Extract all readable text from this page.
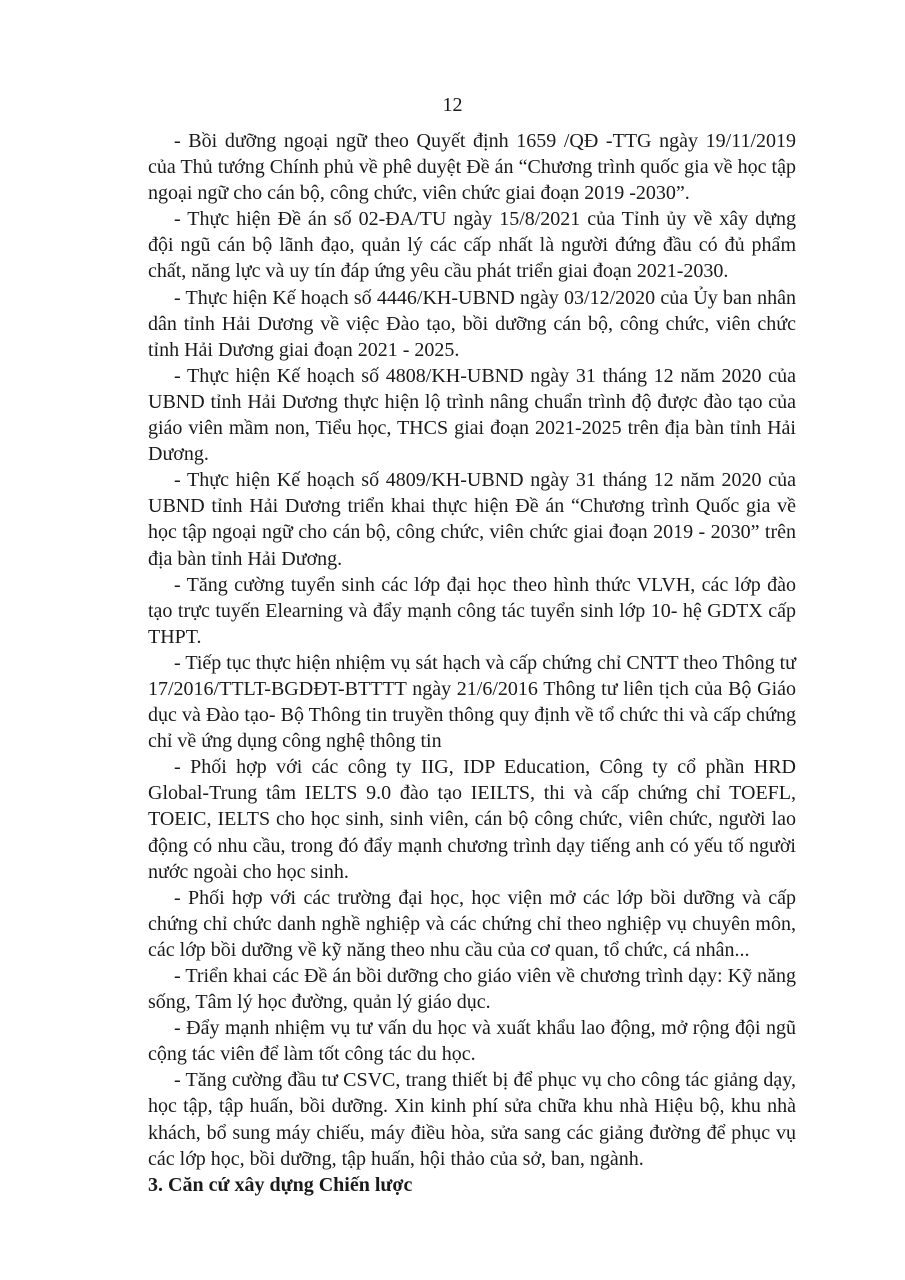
12

- Bồi dưỡng ngoại ngữ theo Quyết định 1659 /QĐ -TTG ngày 19/11/2019 của Thủ tướng Chính phủ về phê duyệt Đề án “Chương trình quốc gia về học tập ngoại ngữ cho cán bộ, công chức, viên chức giai đoạn 2019 -2030”.

- Thực hiện Đề án số 02-ĐA/TU ngày 15/8/2021 của Tỉnh ủy về xây dựng đội ngũ cán bộ lãnh đạo, quản lý các cấp nhất là người đứng đầu có đủ phẩm chất, năng lực và uy tín đáp ứng yêu cầu phát triển giai đoạn 2021-2030.

- Thực hiện Kế hoạch số 4446/KH-UBND ngày 03/12/2020 của Ủy ban nhân dân tỉnh Hải Dương về việc Đào tạo, bồi dưỡng cán bộ, công chức, viên chức tỉnh Hải Dương giai đoạn 2021 - 2025.

- Thực hiện Kế hoạch số 4808/KH-UBND ngày 31 tháng 12 năm 2020 của UBND tỉnh Hải Dương thực hiện lộ trình nâng chuẩn trình độ được đào tạo của giáo viên mầm non, Tiểu học, THCS giai đoạn 2021-2025 trên địa bàn tỉnh Hải Dương.

- Thực hiện Kế hoạch số 4809/KH-UBND ngày 31 tháng 12 năm 2020 của UBND tỉnh Hải Dương triển khai thực hiện Đề án “Chương trình Quốc gia về học tập ngoại ngữ cho cán bộ, công chức, viên chức giai đoạn 2019 - 2030” trên địa bàn tỉnh Hải Dương.

- Tăng cường tuyển sinh các lớp đại học theo hình thức VLVH, các lớp đào tạo trực tuyến Elearning và đẩy mạnh công tác tuyển sinh lớp 10- hệ GDTX cấp THPT.

- Tiếp tục thực hiện nhiệm vụ sát hạch và cấp chứng chỉ CNTT theo Thông tư 17/2016/TTLT-BGDĐT-BTTTT ngày 21/6/2016 Thông tư liên tịch của Bộ Giáo dục và Đào tạo- Bộ Thông tin truyền thông quy định về tổ chức thi và cấp chứng chỉ về ứng dụng công nghệ thông tin

- Phối hợp với các công ty IIG, IDP Education, Công ty cổ phần HRD Global-Trung tâm IELTS 9.0 đào tạo IEILTS, thi và cấp chứng chỉ TOEFL, TOEIC, IELTS cho học sinh, sinh viên, cán bộ công chức, viên chức, người lao động có nhu cầu, trong đó đẩy mạnh chương trình dạy tiếng anh có yếu tố người nước ngoài cho học sinh.

- Phối hợp với các trường đại học, học viện mở các lớp bồi dưỡng và cấp chứng chỉ chức danh nghề nghiệp và các chứng chỉ theo nghiệp vụ chuyên môn, các lớp bồi dưỡng về kỹ năng theo nhu cầu của cơ quan, tổ chức, cá nhân...

- Triển khai các Đề án bồi dưỡng cho giáo viên về chương trình dạy: Kỹ năng sống, Tâm lý học đường, quản lý giáo dục.

- Đẩy mạnh nhiệm vụ tư vấn du học và xuất khẩu lao động, mở rộng đội ngũ cộng tác viên để làm tốt công tác du học.

- Tăng cường đầu tư CSVC, trang thiết bị để phục vụ cho công tác giảng dạy, học tập, tập huấn, bồi dưỡng. Xin kinh phí sửa chữa khu nhà Hiệu bộ, khu nhà khách, bổ sung máy chiếu, máy điều hòa, sửa sang các giảng đường để phục vụ các lớp học, bồi dưỡng, tập huấn, hội thảo của sở, ban, ngành.

3. Căn cứ xây dựng Chiến lược
